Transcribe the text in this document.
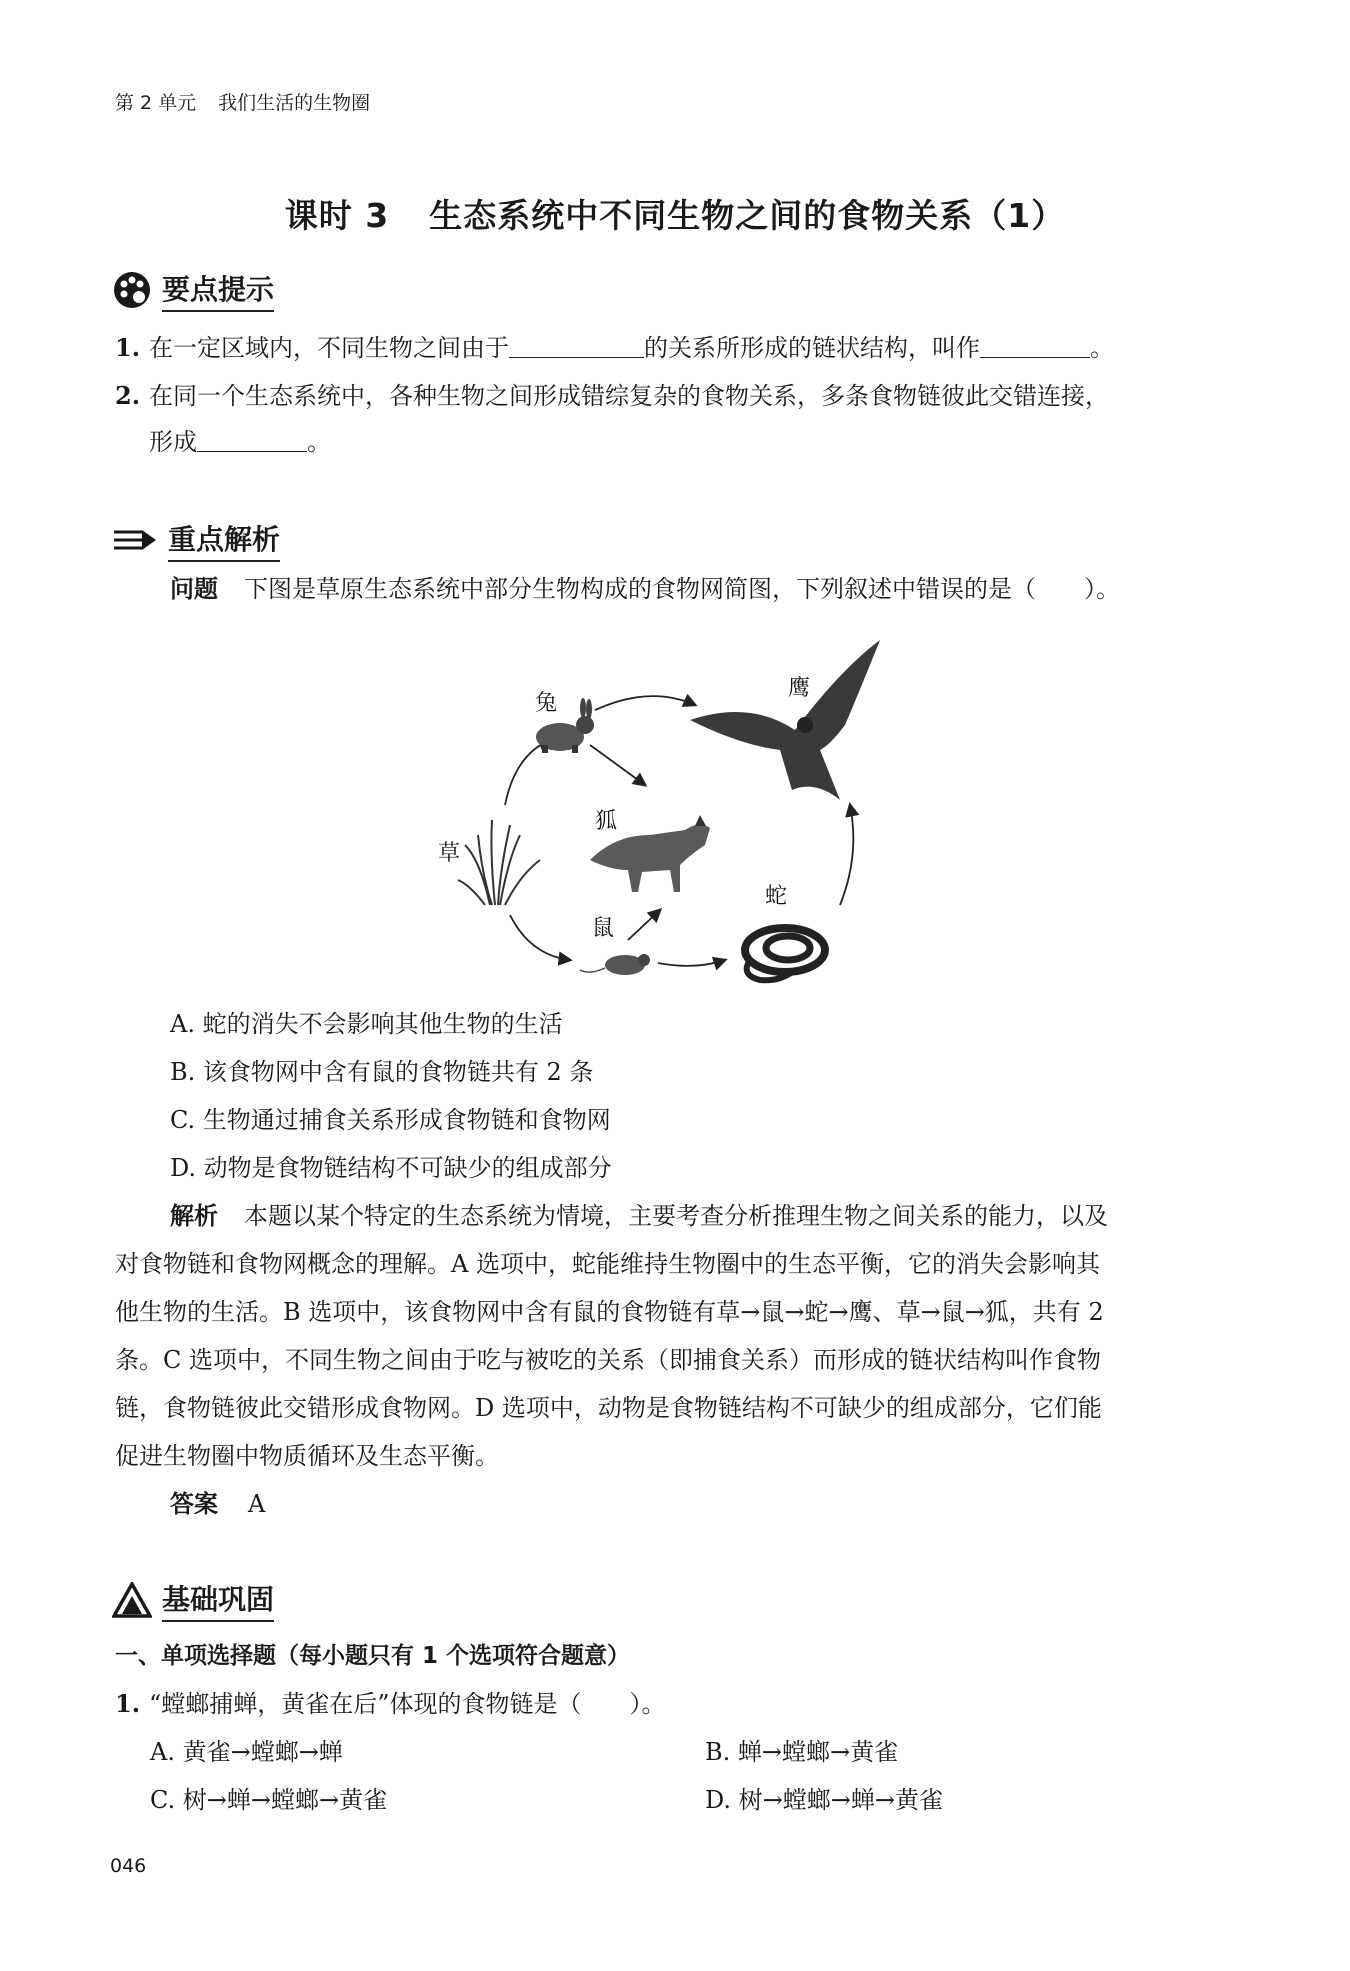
第 2 单元 我们生活的生物圈
课时 3 生态系统中不同生物之间的食物关系（1）
要点提示
1. 在一定区域内，不同生物之间由于	的关系所形成的链状结构，叫作	。
2. 在同一个生态系统中，各种生物之间形成错综复杂的食物关系，多条食物链彼此交错连接，
形成	。
重点解析
问题 下图是草原生态系统中部分生物构成的食物网简图，下列叙述中错误的是（　　）。
兔
鹰
狐
草
蛇
鼠
A. 蛇的消失不会影响其他生物的生活
B. 该食物网中含有鼠的食物链共有 2 条
C. 生物通过捕食关系形成食物链和食物网
D. 动物是食物链结构不可缺少的组成部分
解析 本题以某个特定的生态系统为情境，主要考查分析推理生物之间关系的能力，以及
对食物链和食物网概念的理解。A 选项中，蛇能维持生物圈中的生态平衡，它的消失会影响其
他生物的生活。B 选项中，该食物网中含有鼠的食物链有草→鼠→蛇→鹰、草→鼠→狐，共有 2
条。C 选项中，不同生物之间由于吃与被吃的关系（即捕食关系）而形成的链状结构叫作食物
链，食物链彼此交错形成食物网。D 选项中，动物是食物链结构不可缺少的组成部分，它们能
促进生物圈中物质循环及生态平衡。
答案 A
基础巩固
一、单项选择题（每小题只有 1 个选项符合题意）
1. “螳螂捕蝉，黄雀在后”体现的食物链是（　　）。
A. 黄雀→螳螂→蝉	B. 蝉→螳螂→黄雀
C. 树→蝉→螳螂→黄雀	D. 树→螳螂→蝉→黄雀
046
